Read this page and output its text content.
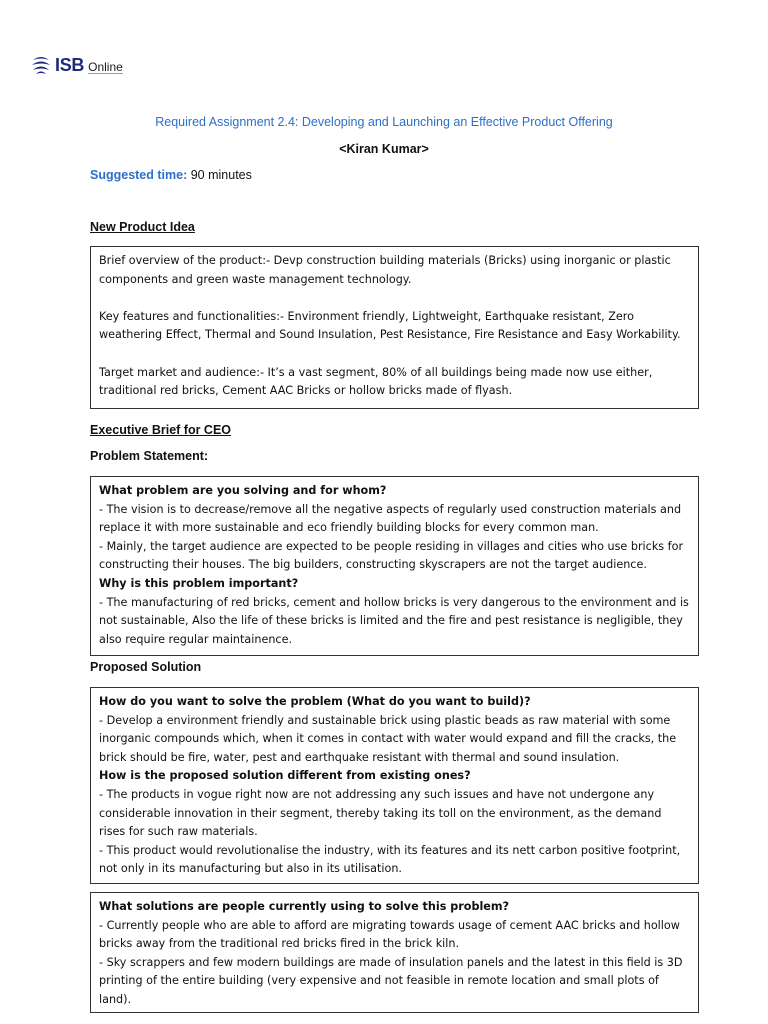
ISB Online
Required Assignment 2.4: Developing and Launching an Effective Product Offering
<Kiran Kumar>
Suggested time: 90 minutes
New Product Idea

Brief overview of the product:- Devp construction building materials (Bricks) using inorganic or plastic components and green waste management technology.

Key features and functionalities:- Environment friendly, Lightweight, Earthquake resistant, Zero weathering Effect, Thermal and Sound Insulation, Pest Resistance, Fire Resistance and Easy Workability.

Target market and audience:- It’s a vast segment, 80% of all buildings being made now use either, traditional red bricks, Cement AAC Bricks or hollow bricks made of flyash.

Executive Brief for CEO
Problem Statement:

What problem are you solving and for whom?

- The vision is to decrease/remove all the negative aspects of regularly used construction materials and replace it with more sustainable and eco friendly building blocks for every common man.

- Mainly, the target audience are expected to be people residing in villages and cities who use bricks for constructing their houses. The big builders, constructing skyscrapers are not the target audience.

Why is this problem important?

- The manufacturing of red bricks, cement and hollow bricks is very dangerous to the environment and is not sustainable, Also the life of these bricks is limited and the fire and pest resistance is negligible, they also require regular maintainence.

Proposed Solution

How do you want to solve the problem (What do you want to build)?

- Develop a environment friendly and sustainable brick using plastic beads as raw material with some inorganic compounds which, when it comes in contact with water would expand and fill the cracks, the brick should be fire, water, pest and earthquake resistant with thermal and sound insulation.

How is the proposed solution different from existing ones?

- The products in vogue right now are not addressing any such issues and have not undergone any considerable innovation in their segment, thereby taking its toll on the environment, as the demand rises for such raw materials.

- This product would revolutionalise the industry, with its features and its nett carbon positive footprint, not only in its manufacturing but also in its utilisation.

What solutions are people currently using to solve this problem?

- Currently people who are able to afford are migrating towards usage of cement AAC bricks and hollow bricks away from the traditional red bricks fired in the brick kiln.

- Sky scrappers and few modern buildings are made of insulation panels and the latest in this field is 3D printing of the entire building (very expensive and not feasible in remote location and small plots of land).
